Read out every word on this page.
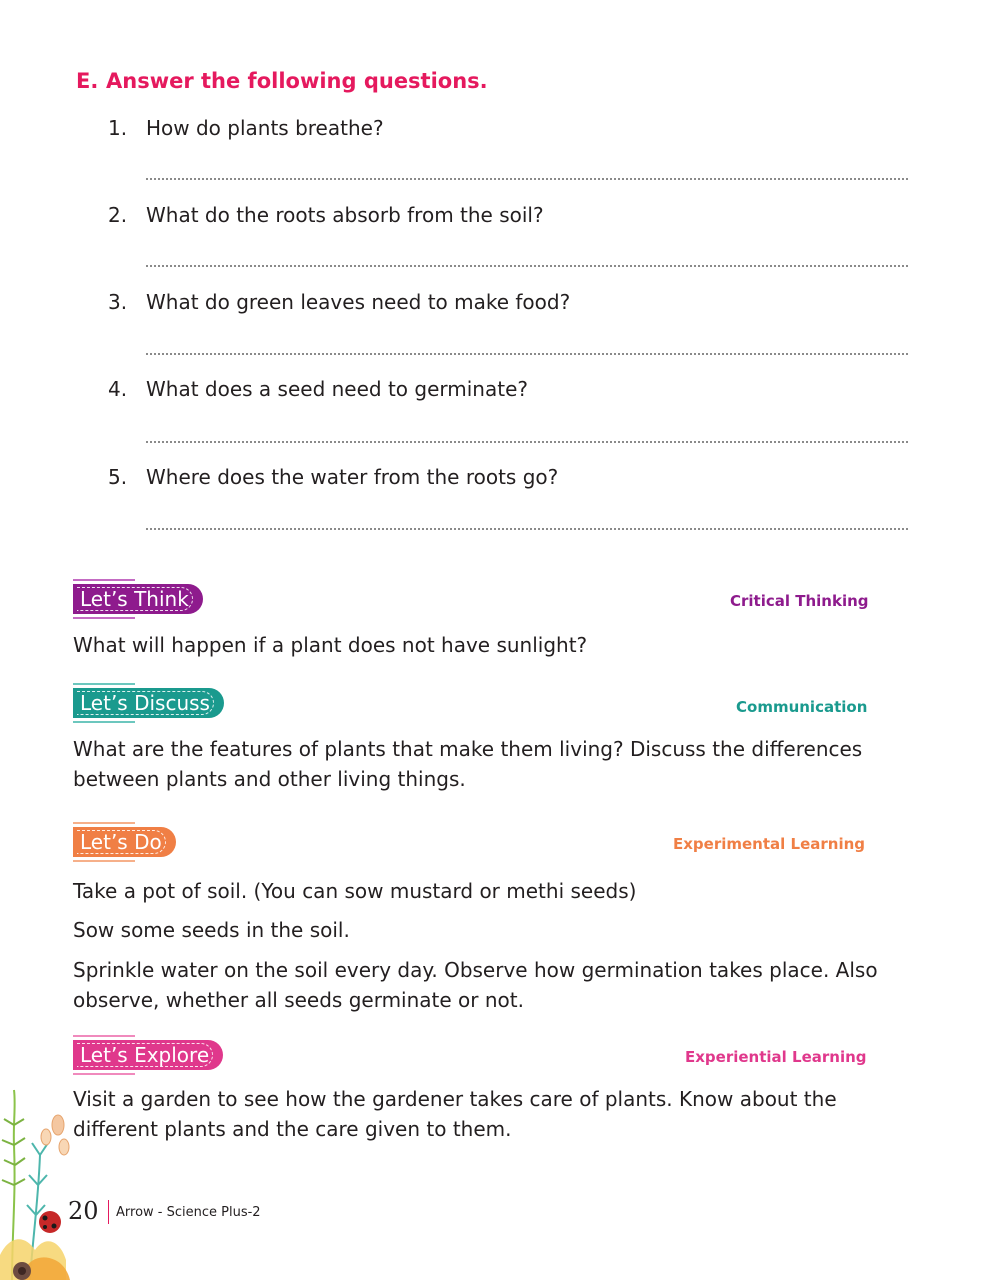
E. Answer the following questions.
1. How do plants breathe?
2. What do the roots absorb from the soil?
3. What do green leaves need to make food?
4. What does a seed need to germinate?
5. Where does the water from the roots go?
Let’s Think	Critical Thinking

What will happen if a plant does not have sunlight?

Let’s Discuss	Communication

What are the features of plants that make them living? Discuss the differences between plants and other living things.

Let’s Do	Experimental Learning

Take a pot of soil. (You can sow mustard or methi seeds)

Sow some seeds in the soil.

Sprinkle water on the soil every day. Observe how germination takes place. Also observe, whether all seeds germinate or not.

Let’s Explore	Experiential Learning

Visit a garden to see how the gardener takes care of plants. Know about the different plants and the care given to them.

20 Arrow - Science Plus-2
